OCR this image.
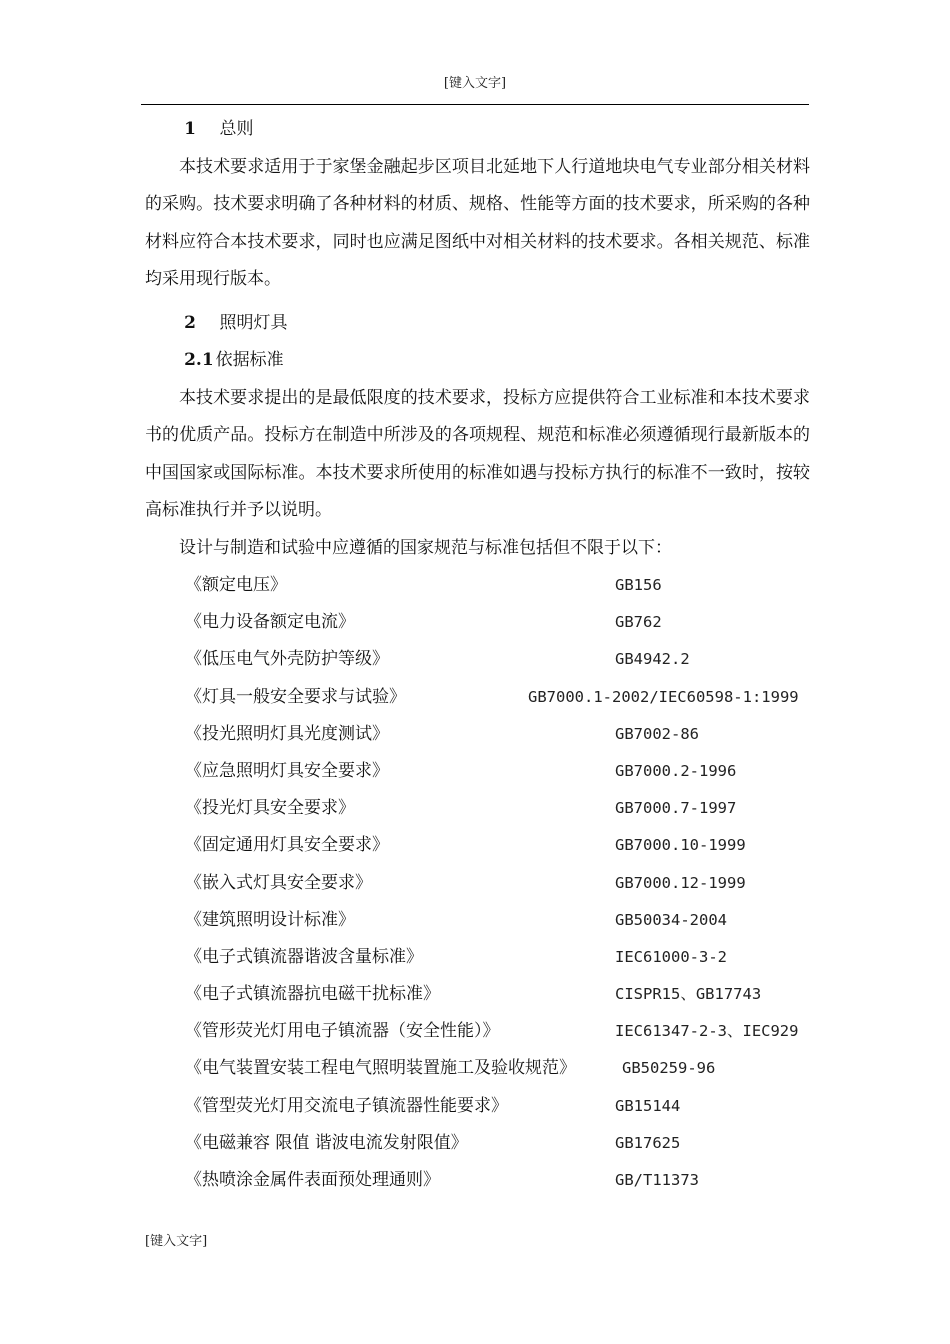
[键入文字]

1 总则

本技术要求适用于于家堡金融起步区项目北延地下人行道地块电气专业部分相关材料的采购。技术要求明确了各种材料的材质、规格、性能等方面的技术要求，所采购的各种材料应符合本技术要求，同时也应满足图纸中对相关材料的技术要求。各相关规范、标准均采用现行版本。

2 照明灯具

2.1 依据标准

本技术要求提出的是最低限度的技术要求，投标方应提供符合工业标准和本技术要求书的优质产品。投标方在制造中所涉及的各项规程、规范和标准必须遵循现行最新版本的中国国家或国际标准。本技术要求所使用的标准如遇与投标方执行的标准不一致时，按较高标准执行并予以说明。

设计与制造和试验中应遵循的国家规范与标准包括但不限于以下：

《额定电压》	GB156
《电力设备额定电流》	GB762
《低压电气外壳防护等级》	GB4942.2
《灯具一般安全要求与试验》	GB7000.1-2002/IEC60598-1:1999
《投光照明灯具光度测试》	GB7002-86
《应急照明灯具安全要求》	GB7000.2-1996
《投光灯具安全要求》	GB7000.7-1997
《固定通用灯具安全要求》	GB7000.10-1999
《嵌入式灯具安全要求》	GB7000.12-1999
《建筑照明设计标准》	GB50034-2004
《电子式镇流器谐波含量标准》	IEC61000-3-2
《电子式镇流器抗电磁干扰标准》	CISPR15、GB17743
《管形荧光灯用电子镇流器（安全性能）》	IEC61347-2-3、IEC929
《电气装置安装工程电气照明装置施工及验收规范》	GB50259-96
《管型荧光灯用交流电子镇流器性能要求》	GB15144
《电磁兼容 限值 谐波电流发射限值》	GB17625
《热喷涂金属件表面预处理通则》	GB/T11373
[键入文字]
